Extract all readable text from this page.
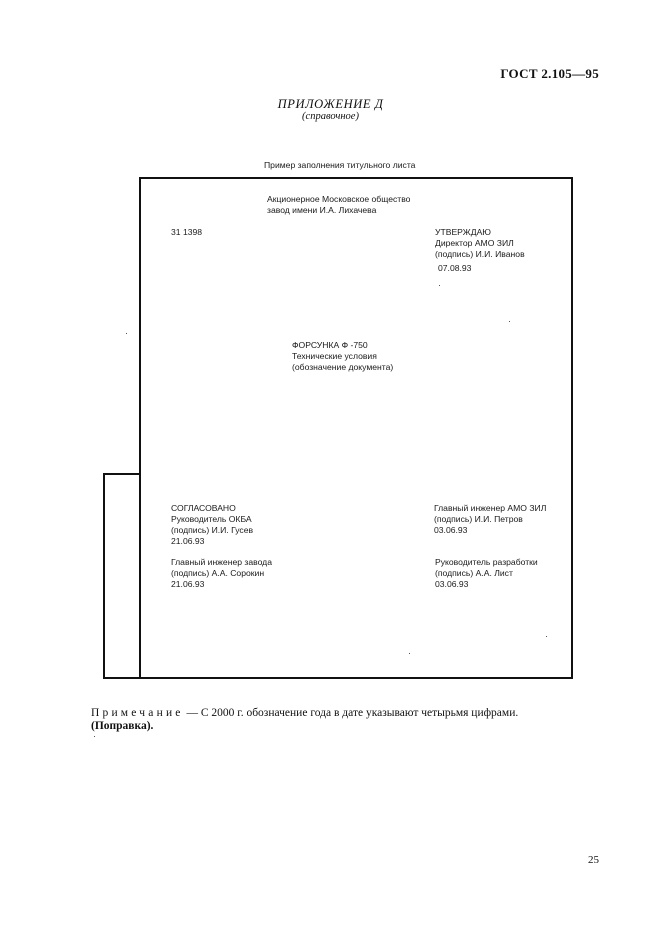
ГОСТ 2.105—95
ПРИЛОЖЕНИЕ Д
(справочное)
Пример заполнения титульного листа
Акционерное Московское общество
завод имени И.А. Лихачева
31 1398	УТВЕРЖДАЮ
Директор АМО ЗИЛ
(подпись) И.И. Иванов
07.08.93
ФОРСУНКА Ф -750
Технические условия
(обозначение документа)
СОГЛАСОВАНО
Руководитель ОКБА
(подпись) И.И. Гусев
21.06.93
Главный инженер завода
(подпись) А.А. Сорокин
21.06.93
Главный инженер АМО ЗИЛ
(подпись) И.И. Петров
03.06.93
Руководитель разработки
(подпись) А.А. Лист
03.06.93
Примечание — С 2000 г. обозначение года в дате указывают четырьмя цифрами.
(Поправка).
25
